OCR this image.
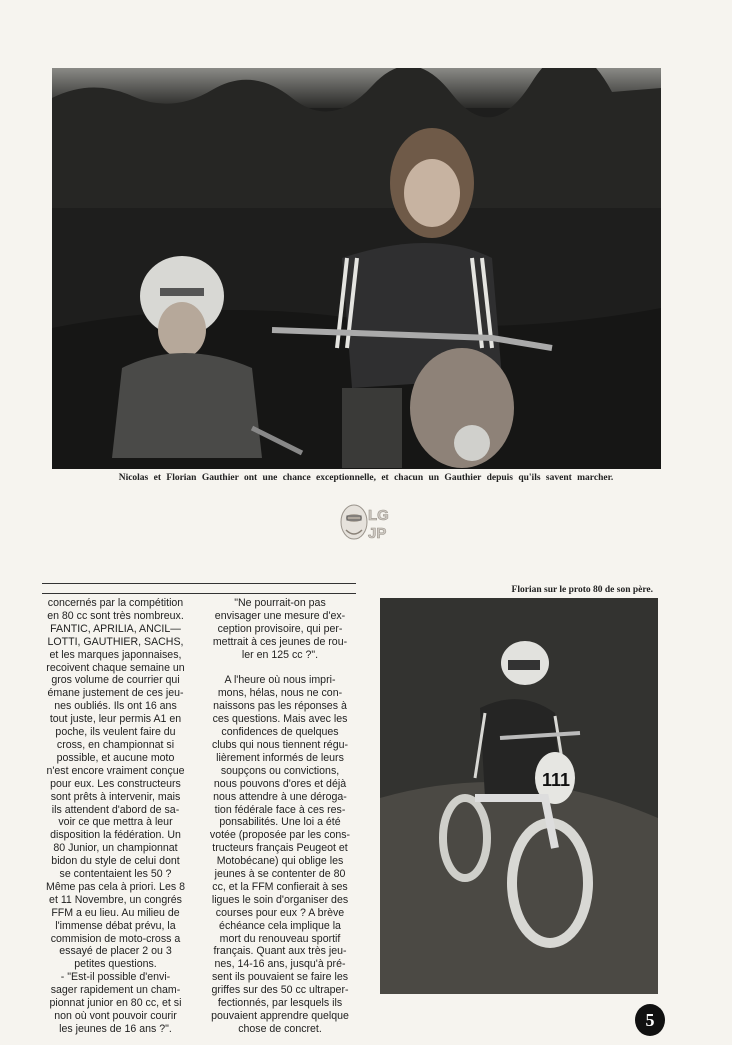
Nicolas et Florian Gauthier ont une chance exceptionnelle, et chacun un Gauthier depuis qu'ils savent marcher.
LG
JP
Florian sur le proto 80 de son père.
concernés par la compétition
en 80 cc sont très nombreux.
FANTIC, APRILIA, ANCIL—
LOTTI, GAUTHIER, SACHS,
et les marques japonnaises,
recoivent chaque semaine un
gros volume de courrier qui
émane justement de ces jeu-
nes oubliés. Ils ont 16 ans
tout juste, leur permis A1 en
poche, ils veulent faire du
cross, en championnat si
possible, et aucune moto
n'est encore vraiment conçue
pour eux. Les constructeurs
sont prêts à intervenir, mais
ils attendent d'abord de sa-
voir ce que mettra à leur
disposition la fédération. Un
80 Junior, un championnat
bidon du style de celui dont
se contentaient les 50 ?
Même pas cela à priori. Les 8
et 11 Novembre, un congrés
FFM a eu lieu. Au milieu de
l'immense débat prévu, la
commision de moto-cross a
essayé de placer 2 ou 3
petites questions.
- "Est-il possible d'envi-
sager rapidement un cham-
pionnat junior en 80 cc, et si
non où vont pouvoir courir
les jeunes de 16 ans ?".
"Ne pourrait-on pas
envisager une mesure d'ex-
ception provisoire, qui per-
mettrait à ces jeunes de rou-
ler en 125 cc ?".

A l'heure où nous impri-
mons, hélas, nous ne con-
naissons pas les réponses à
ces questions. Mais avec les
confidences de quelques
clubs qui nous tiennent régu-
lièrement informés de leurs
soupçons ou convictions,
nous pouvons d'ores et déjà
nous attendre à une déroga-
tion fédérale face à ces res-
ponsabilités. Une loi a été
votée (proposée par les cons-
tructeurs français Peugeot et
Motobécane) qui oblige les
jeunes à se contenter de 80
cc, et la FFM confierait à ses
ligues le soin d'organiser des
courses pour eux ? A brève
échéance cela implique la
mort du renouveau sportif
français. Quant aux très jeu-
nes, 14-16 ans, jusqu'à pré-
sent ils pouvaient se faire les
griffes sur des 50 cc ultraper-
fectionnés, par lesquels ils
pouvaient apprendre quelque
chose de concret.
111
5
